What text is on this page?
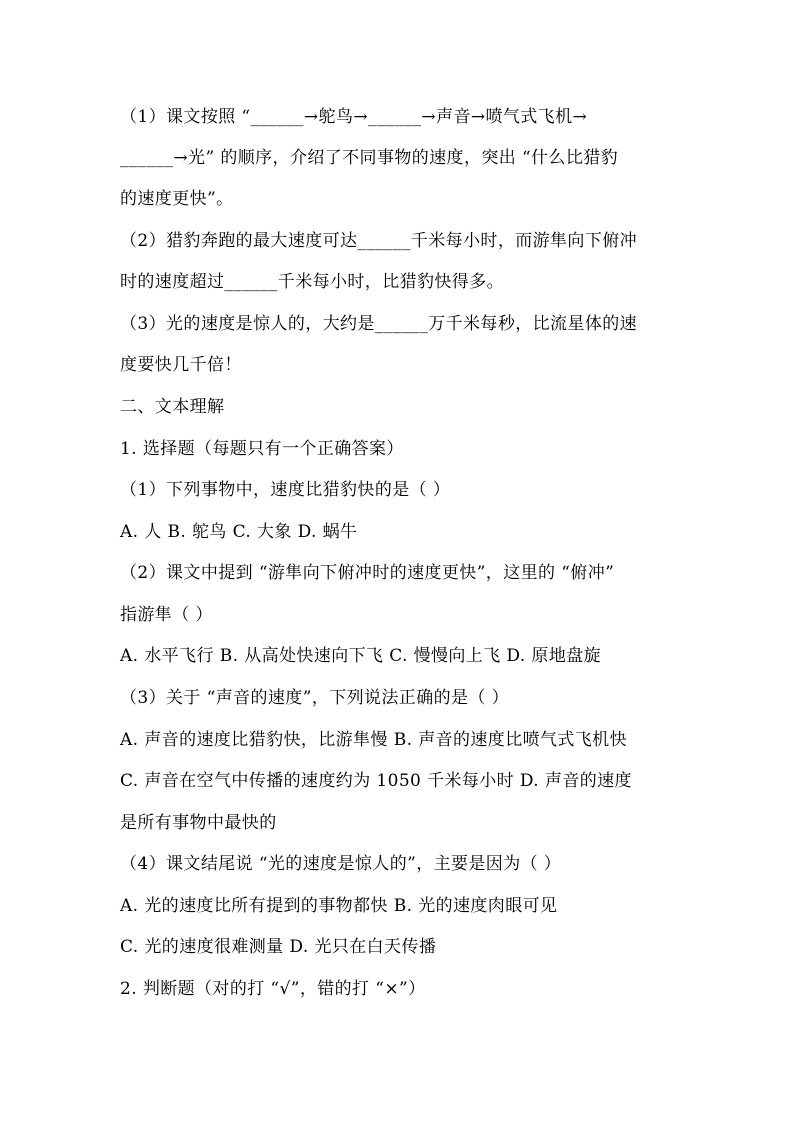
（1）课文按照 “______→鸵鸟→______→声音→喷气式飞机→
______→光” 的顺序，介绍了不同事物的速度，突出 “什么比猎豹
的速度更快”。
（2）猎豹奔跑的最大速度可达______千米每小时，而游隼向下俯冲
时的速度超过______千米每小时，比猎豹快得多。
（3）光的速度是惊人的，大约是______万千米每秒，比流星体的速
度要快几千倍！
二、文本理解
1. 选择题（每题只有一个正确答案）
（1）下列事物中，速度比猎豹快的是（ ）
A. 人 B. 鸵鸟 C. 大象 D. 蜗牛
（2）课文中提到 “游隼向下俯冲时的速度更快”，这里的 “俯冲”
指游隼（ ）
A. 水平飞行 B. 从高处快速向下飞 C. 慢慢向上飞 D. 原地盘旋
（3）关于 “声音的速度”，下列说法正确的是（ ）
A. 声音的速度比猎豹快，比游隼慢 B. 声音的速度比喷气式飞机快
C. 声音在空气中传播的速度约为 1050 千米每小时 D. 声音的速度
是所有事物中最快的
（4）课文结尾说 “光的速度是惊人的”，主要是因为（ ）
A. 光的速度比所有提到的事物都快 B. 光的速度肉眼可见
C. 光的速度很难测量 D. 光只在白天传播
2. 判断题（对的打 “√”，错的打 “×”）
